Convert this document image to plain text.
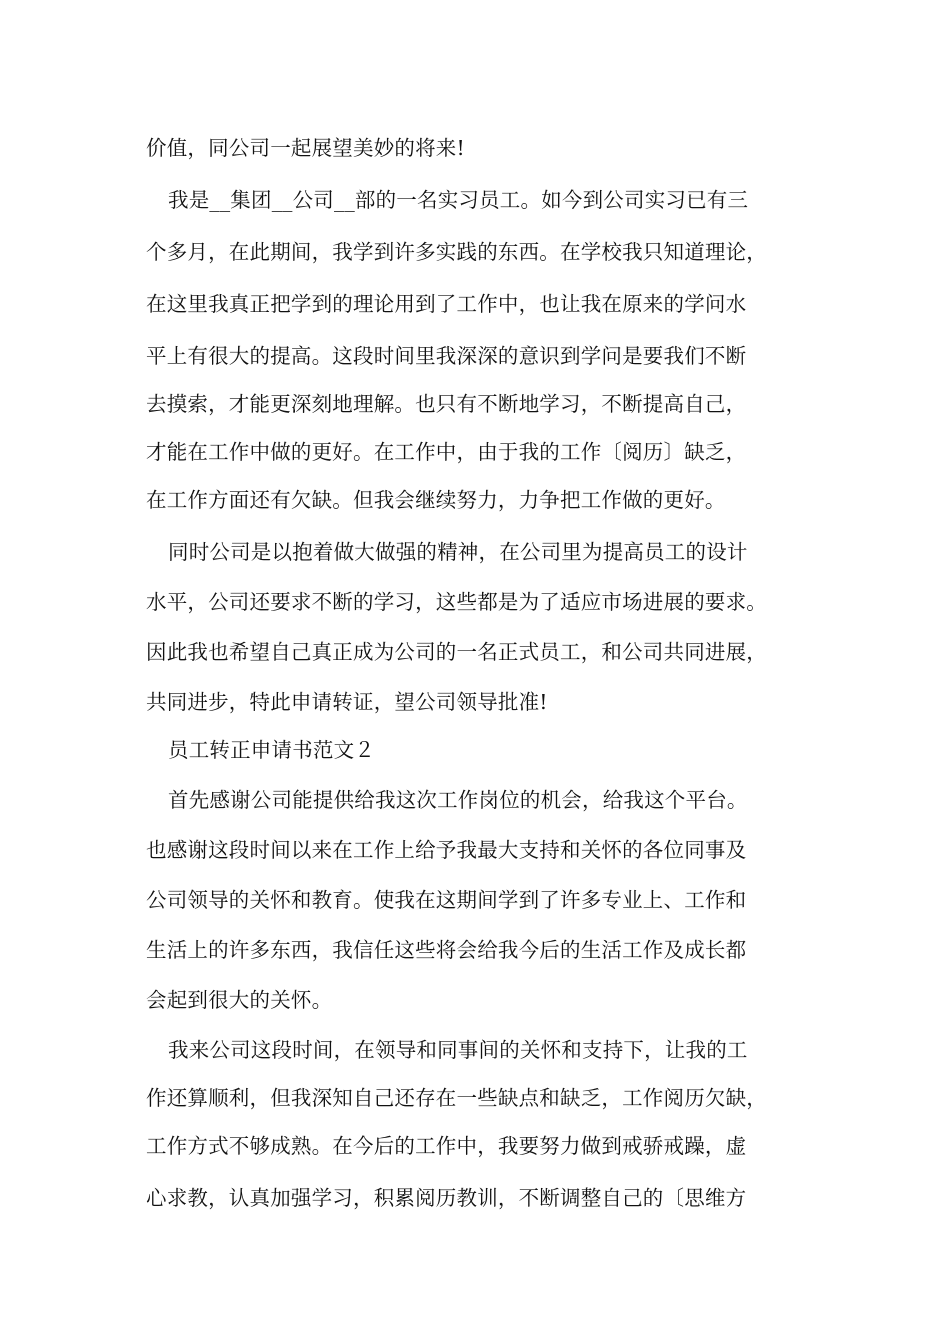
价值，同公司一起展望美妙的将来!
我是__集团__公司__部的一名实习员工。如今到公司实习已有三
个多月，在此期间，我学到许多实践的东西。在学校我只知道理论，
在这里我真正把学到的理论用到了工作中，也让我在原来的学问水
平上有很大的提高。这段时间里我深深的意识到学问是要我们不断
去摸索，才能更深刻地理解。也只有不断地学习，不断提高自己，
才能在工作中做的更好。在工作中，由于我的工作〔阅历〕缺乏，
在工作方面还有欠缺。但我会继续努力，力争把工作做的更好。
同时公司是以抱着做大做强的精神，在公司里为提高员工的设计
水平，公司还要求不断的学习，这些都是为了适应市场进展的要求。
因此我也希望自己真正成为公司的一名正式员工，和公司共同进展，
共同进步，特此申请转证，望公司领导批准!
员工转正申请书范文２
首先感谢公司能提供给我这次工作岗位的机会，给我这个平台。
也感谢这段时间以来在工作上给予我最大支持和关怀的各位同事及
公司领导的关怀和教育。使我在这期间学到了许多专业上、工作和
生活上的许多东西，我信任这些将会给我今后的生活工作及成长都
会起到很大的关怀。
我来公司这段时间，在领导和同事间的关怀和支持下，让我的工
作还算顺利，但我深知自己还存在一些缺点和缺乏，工作阅历欠缺，
工作方式不够成熟。在今后的工作中，我要努力做到戒骄戒躁，虚
心求教，认真加强学习，积累阅历教训，不断调整自己的〔思维方
